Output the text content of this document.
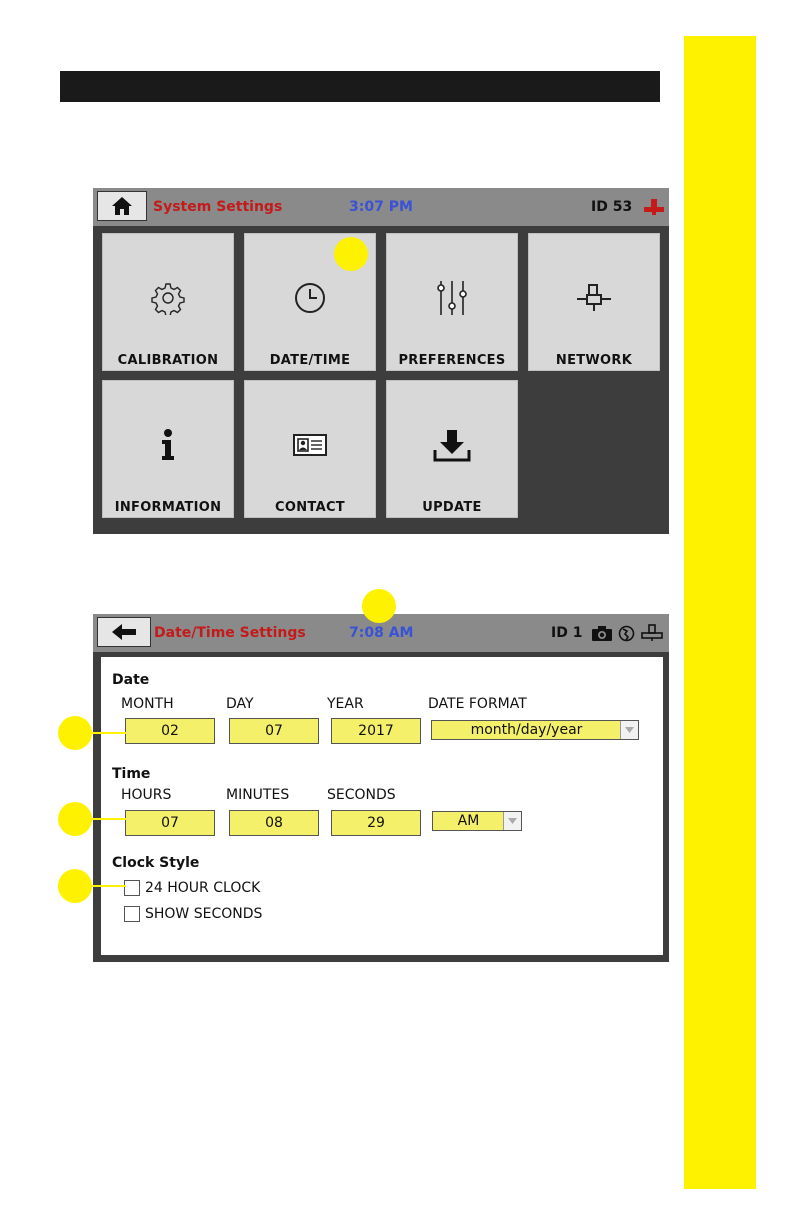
System Settings	3:07 PM	ID 53
CALIBRATION	DATE/TIME	PREFERENCES	NETWORK
INFORMATION	CONTACT	UPDATE
Date/Time Settings	7:08 AM	ID 1
Date
MONTH	DAY	YEAR	DATE FORMAT
02	07	2017	month/day/year
Time
HOURS	MINUTES	SECONDS
07	08	29	AM
Clock Style
24 HOUR CLOCK
SHOW SECONDS
